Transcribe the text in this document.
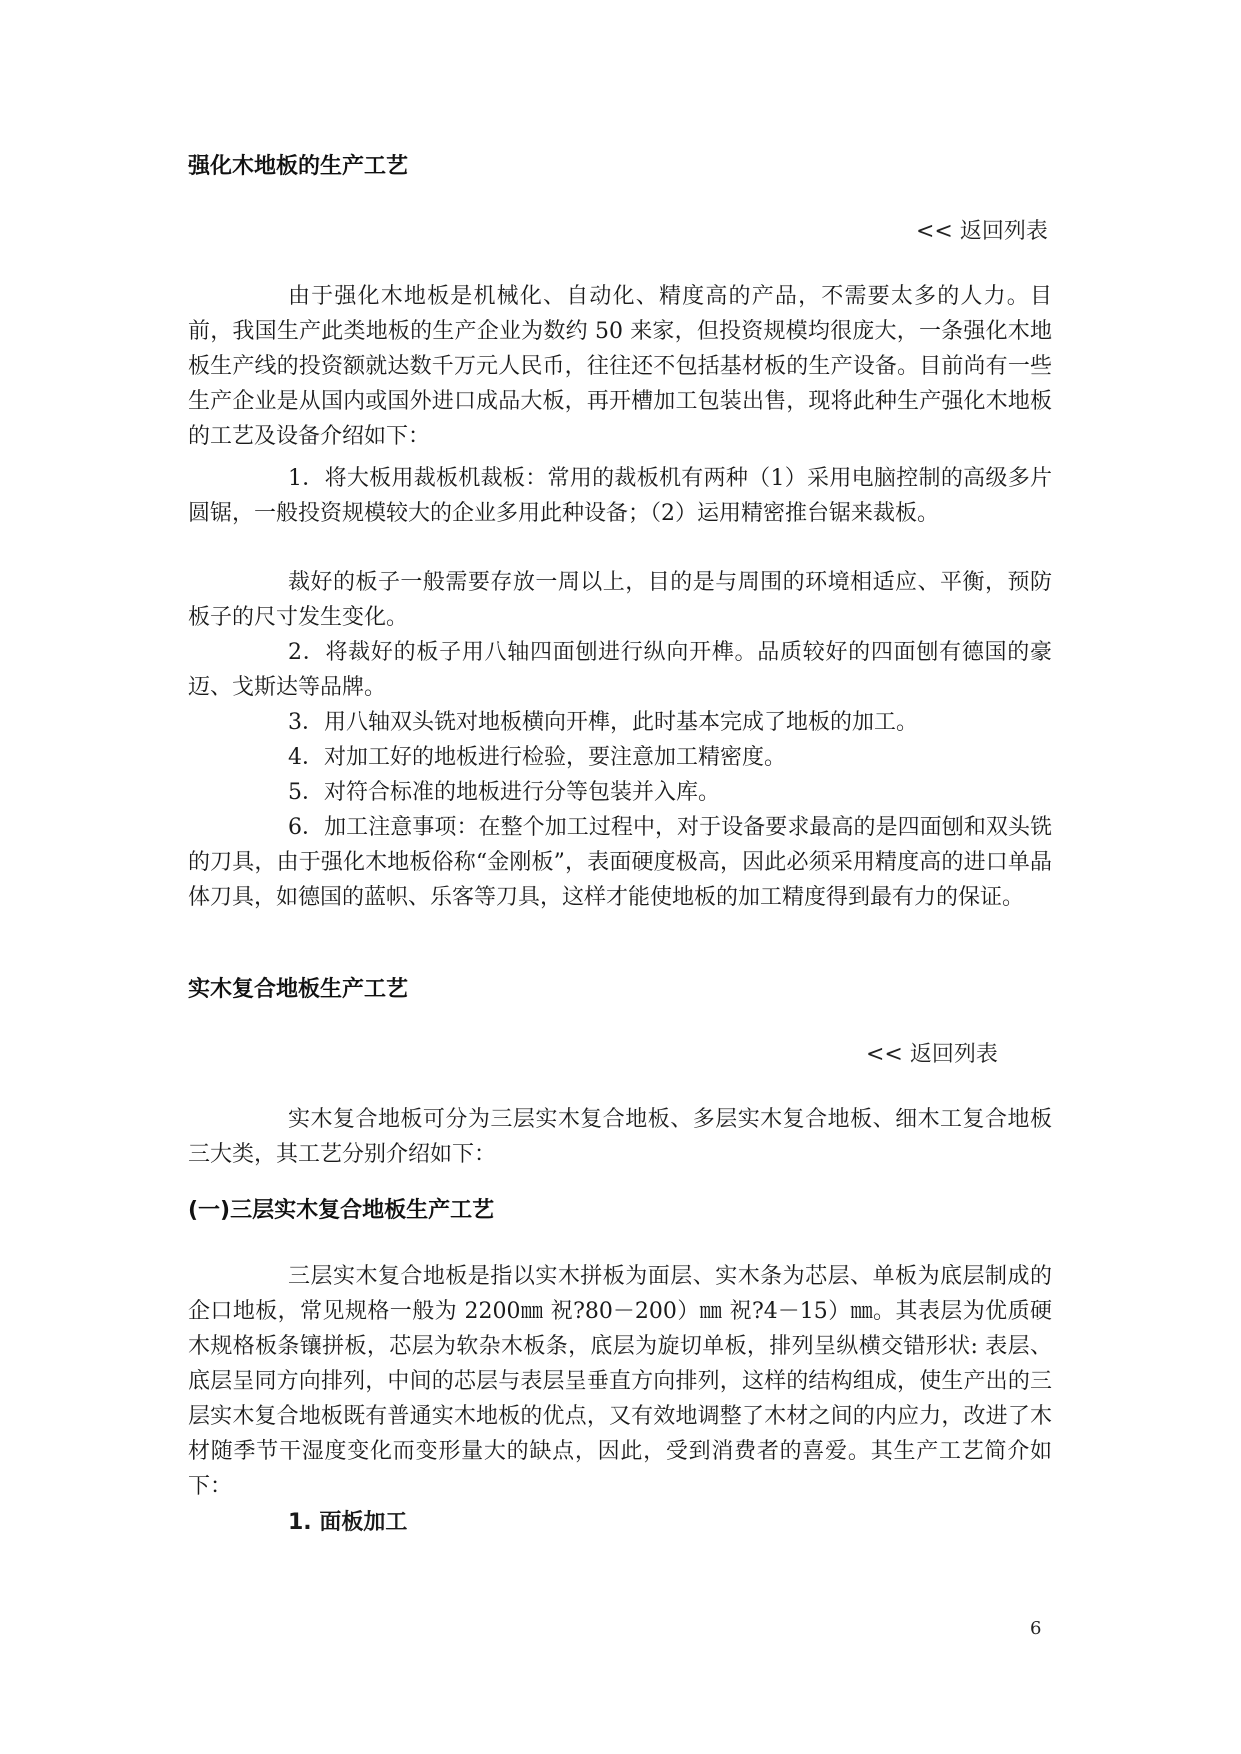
强化木地板的生产工艺
<< 返回列表

由于强化木地板是机械化、自动化、精度高的产品，不需要太多的人力。目前，我国生产此类地板的生产企业为数约 50 来家，但投资规模均很庞大，一条强化木地板生产线的投资额就达数千万元人民币，往往还不包括基材板的生产设备。目前尚有一些生产企业是从国内或国外进口成品大板，再开槽加工包装出售，现将此种生产强化木地板的工艺及设备介绍如下：

1．将大板用裁板机裁板：常用的裁板机有两种（1）采用电脑控制的高级多片圆锯，一般投资规模较大的企业多用此种设备；（2）运用精密推台锯来裁板。

裁好的板子一般需要存放一周以上，目的是与周围的环境相适应、平衡，预防板子的尺寸发生变化。

2．将裁好的板子用八轴四面刨进行纵向开榫。品质较好的四面刨有德国的豪迈、戈斯达等品牌。

3．用八轴双头铣对地板横向开榫，此时基本完成了地板的加工。

4．对加工好的地板进行检验，要注意加工精密度。

5．对符合标准的地板进行分等包装并入库。

6．加工注意事项：在整个加工过程中，对于设备要求最高的是四面刨和双头铣的刀具，由于强化木地板俗称“金刚板”，表面硬度极高，因此必须采用精度高的进口单晶体刀具，如德国的蓝帜、乐客等刀具，这样才能使地板的加工精度得到最有力的保证。

实木复合地板生产工艺
<< 返回列表

实木复合地板可分为三层实木复合地板、多层实木复合地板、细木工复合地板三大类，其工艺分别介绍如下：

(一)三层实木复合地板生产工艺

三层实木复合地板是指以实木拼板为面层、实木条为芯层、单板为底层制成的企口地板，常见规格一般为 2200㎜ 祝?80－200）㎜ 祝?4－15）㎜。其表层为优质硬木规格板条镶拼板，芯层为软杂木板条，底层为旋切单板，排列呈纵横交错形状: 表层、底层呈同方向排列，中间的芯层与表层呈垂直方向排列，这样的结构组成，使生产出的三层实木复合地板既有普通实木地板的优点，又有效地调整了木材之间的内应力，改进了木材随季节干湿度变化而变形量大的缺点，因此，受到消费者的喜爱。其生产工艺简介如下：

1. 面板加工
6
